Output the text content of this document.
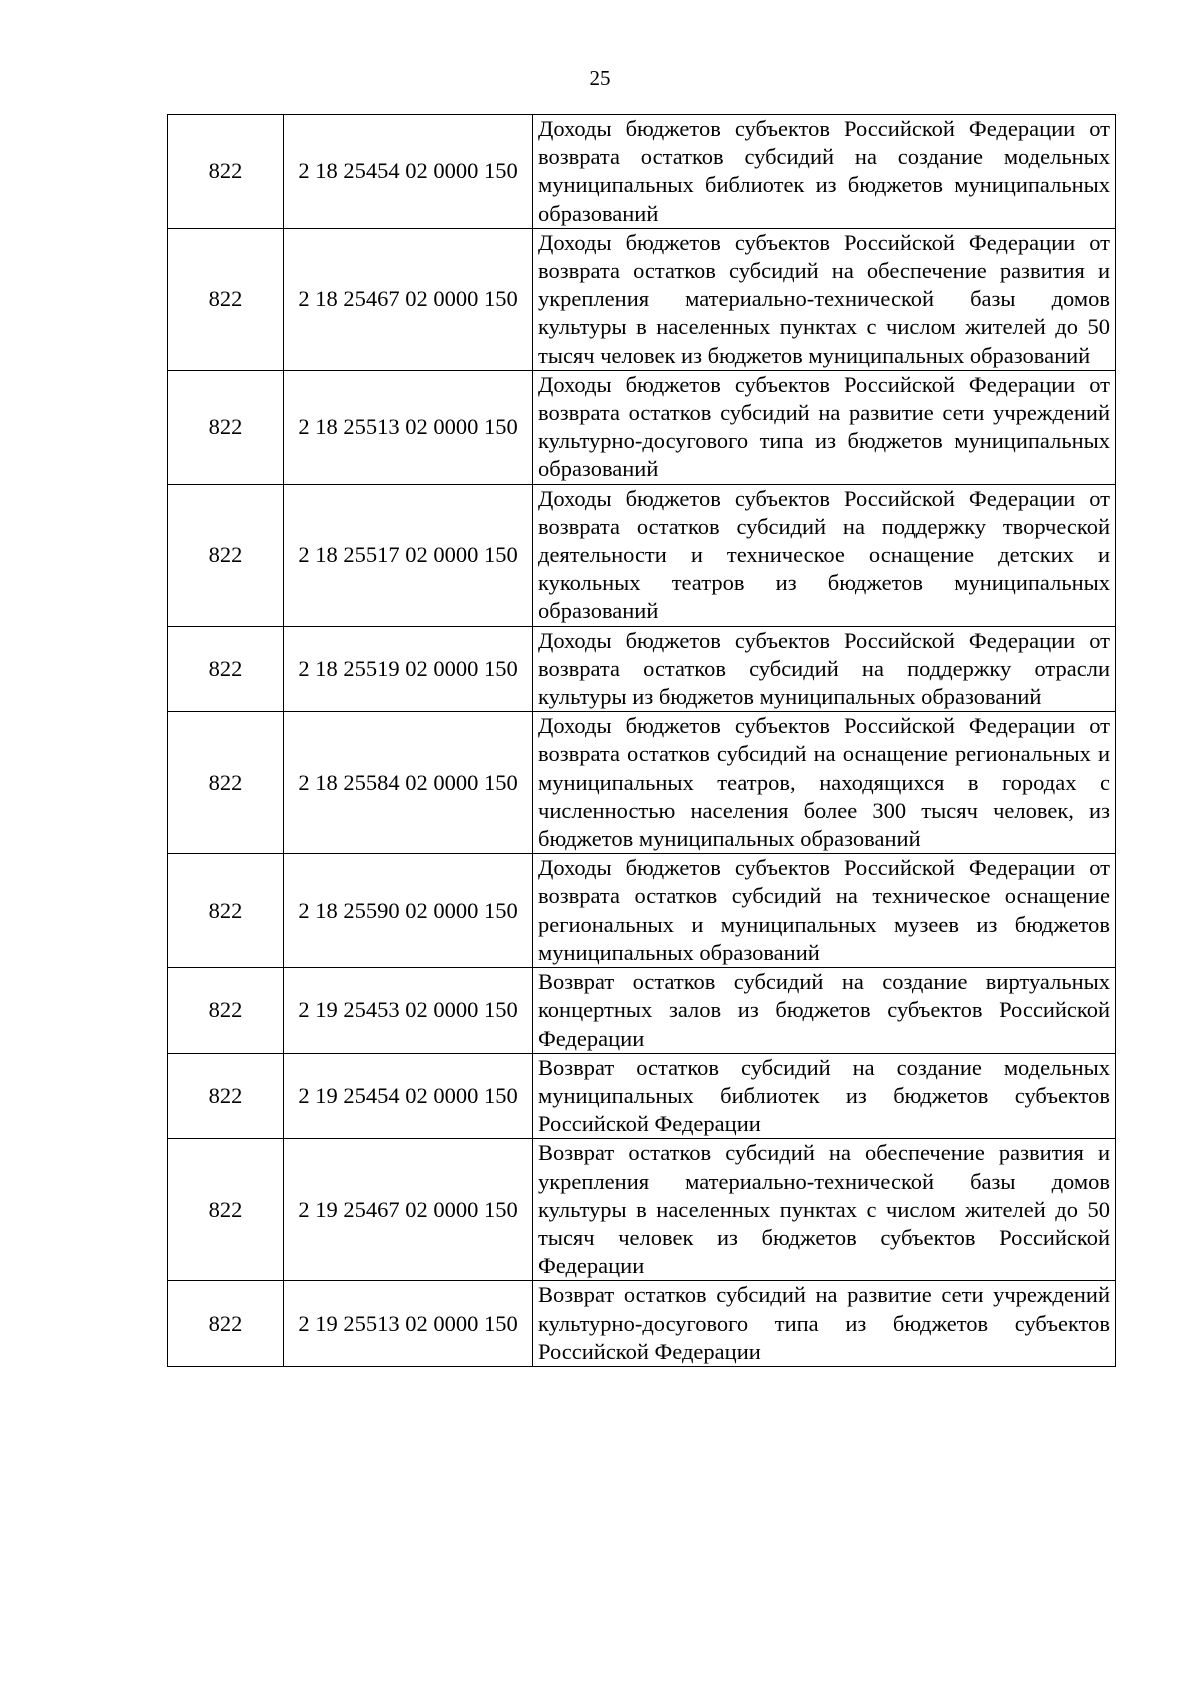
25
822	2 18 25454 02 0000 150	Доходы бюджетов субъектов Российской Федерации от возврата остатков субсидий на создание модельных муниципальных библиотек из бюджетов муниципальных образований
822	2 18 25467 02 0000 150	Доходы бюджетов субъектов Российской Федерации от возврата остатков субсидий на обеспечение развития и укрепления материально-технической базы домов культуры в населенных пунктах с числом жителей до 50 тысяч человек из бюджетов муниципальных образований
822	2 18 25513 02 0000 150	Доходы бюджетов субъектов Российской Федерации от возврата остатков субсидий на развитие сети учреждений культурно-досугового типа из бюджетов муниципальных образований
822	2 18 25517 02 0000 150	Доходы бюджетов субъектов Российской Федерации от возврата остатков субсидий на поддержку творческой деятельности и техническое оснащение детских и кукольных театров из бюджетов муниципальных образований
822	2 18 25519 02 0000 150	Доходы бюджетов субъектов Российской Федерации от возврата остатков субсидий на поддержку отрасли культуры из бюджетов муниципальных образований
822	2 18 25584 02 0000 150	Доходы бюджетов субъектов Российской Федерации от возврата остатков субсидий на оснащение региональных и муниципальных театров, находящихся в городах с численностью населения более 300 тысяч человек, из бюджетов муниципальных образований
822	2 18 25590 02 0000 150	Доходы бюджетов субъектов Российской Федерации от возврата остатков субсидий на техническое оснащение региональных и муниципальных музеев из бюджетов муниципальных образований
822	2 19 25453 02 0000 150	Возврат остатков субсидий на создание виртуальных концертных залов из бюджетов субъектов Российской Федерации
822	2 19 25454 02 0000 150	Возврат остатков субсидий на создание модельных муниципальных библиотек из бюджетов субъектов Российской Федерации
822	2 19 25467 02 0000 150	Возврат остатков субсидий на обеспечение развития и укрепления материально-технической базы домов культуры в населенных пунктах с числом жителей до 50 тысяч человек из бюджетов субъектов Российской Федерации
822	2 19 25513 02 0000 150	Возврат остатков субсидий на развитие сети учреждений культурно-досугового типа из бюджетов субъектов Российской Федерации
